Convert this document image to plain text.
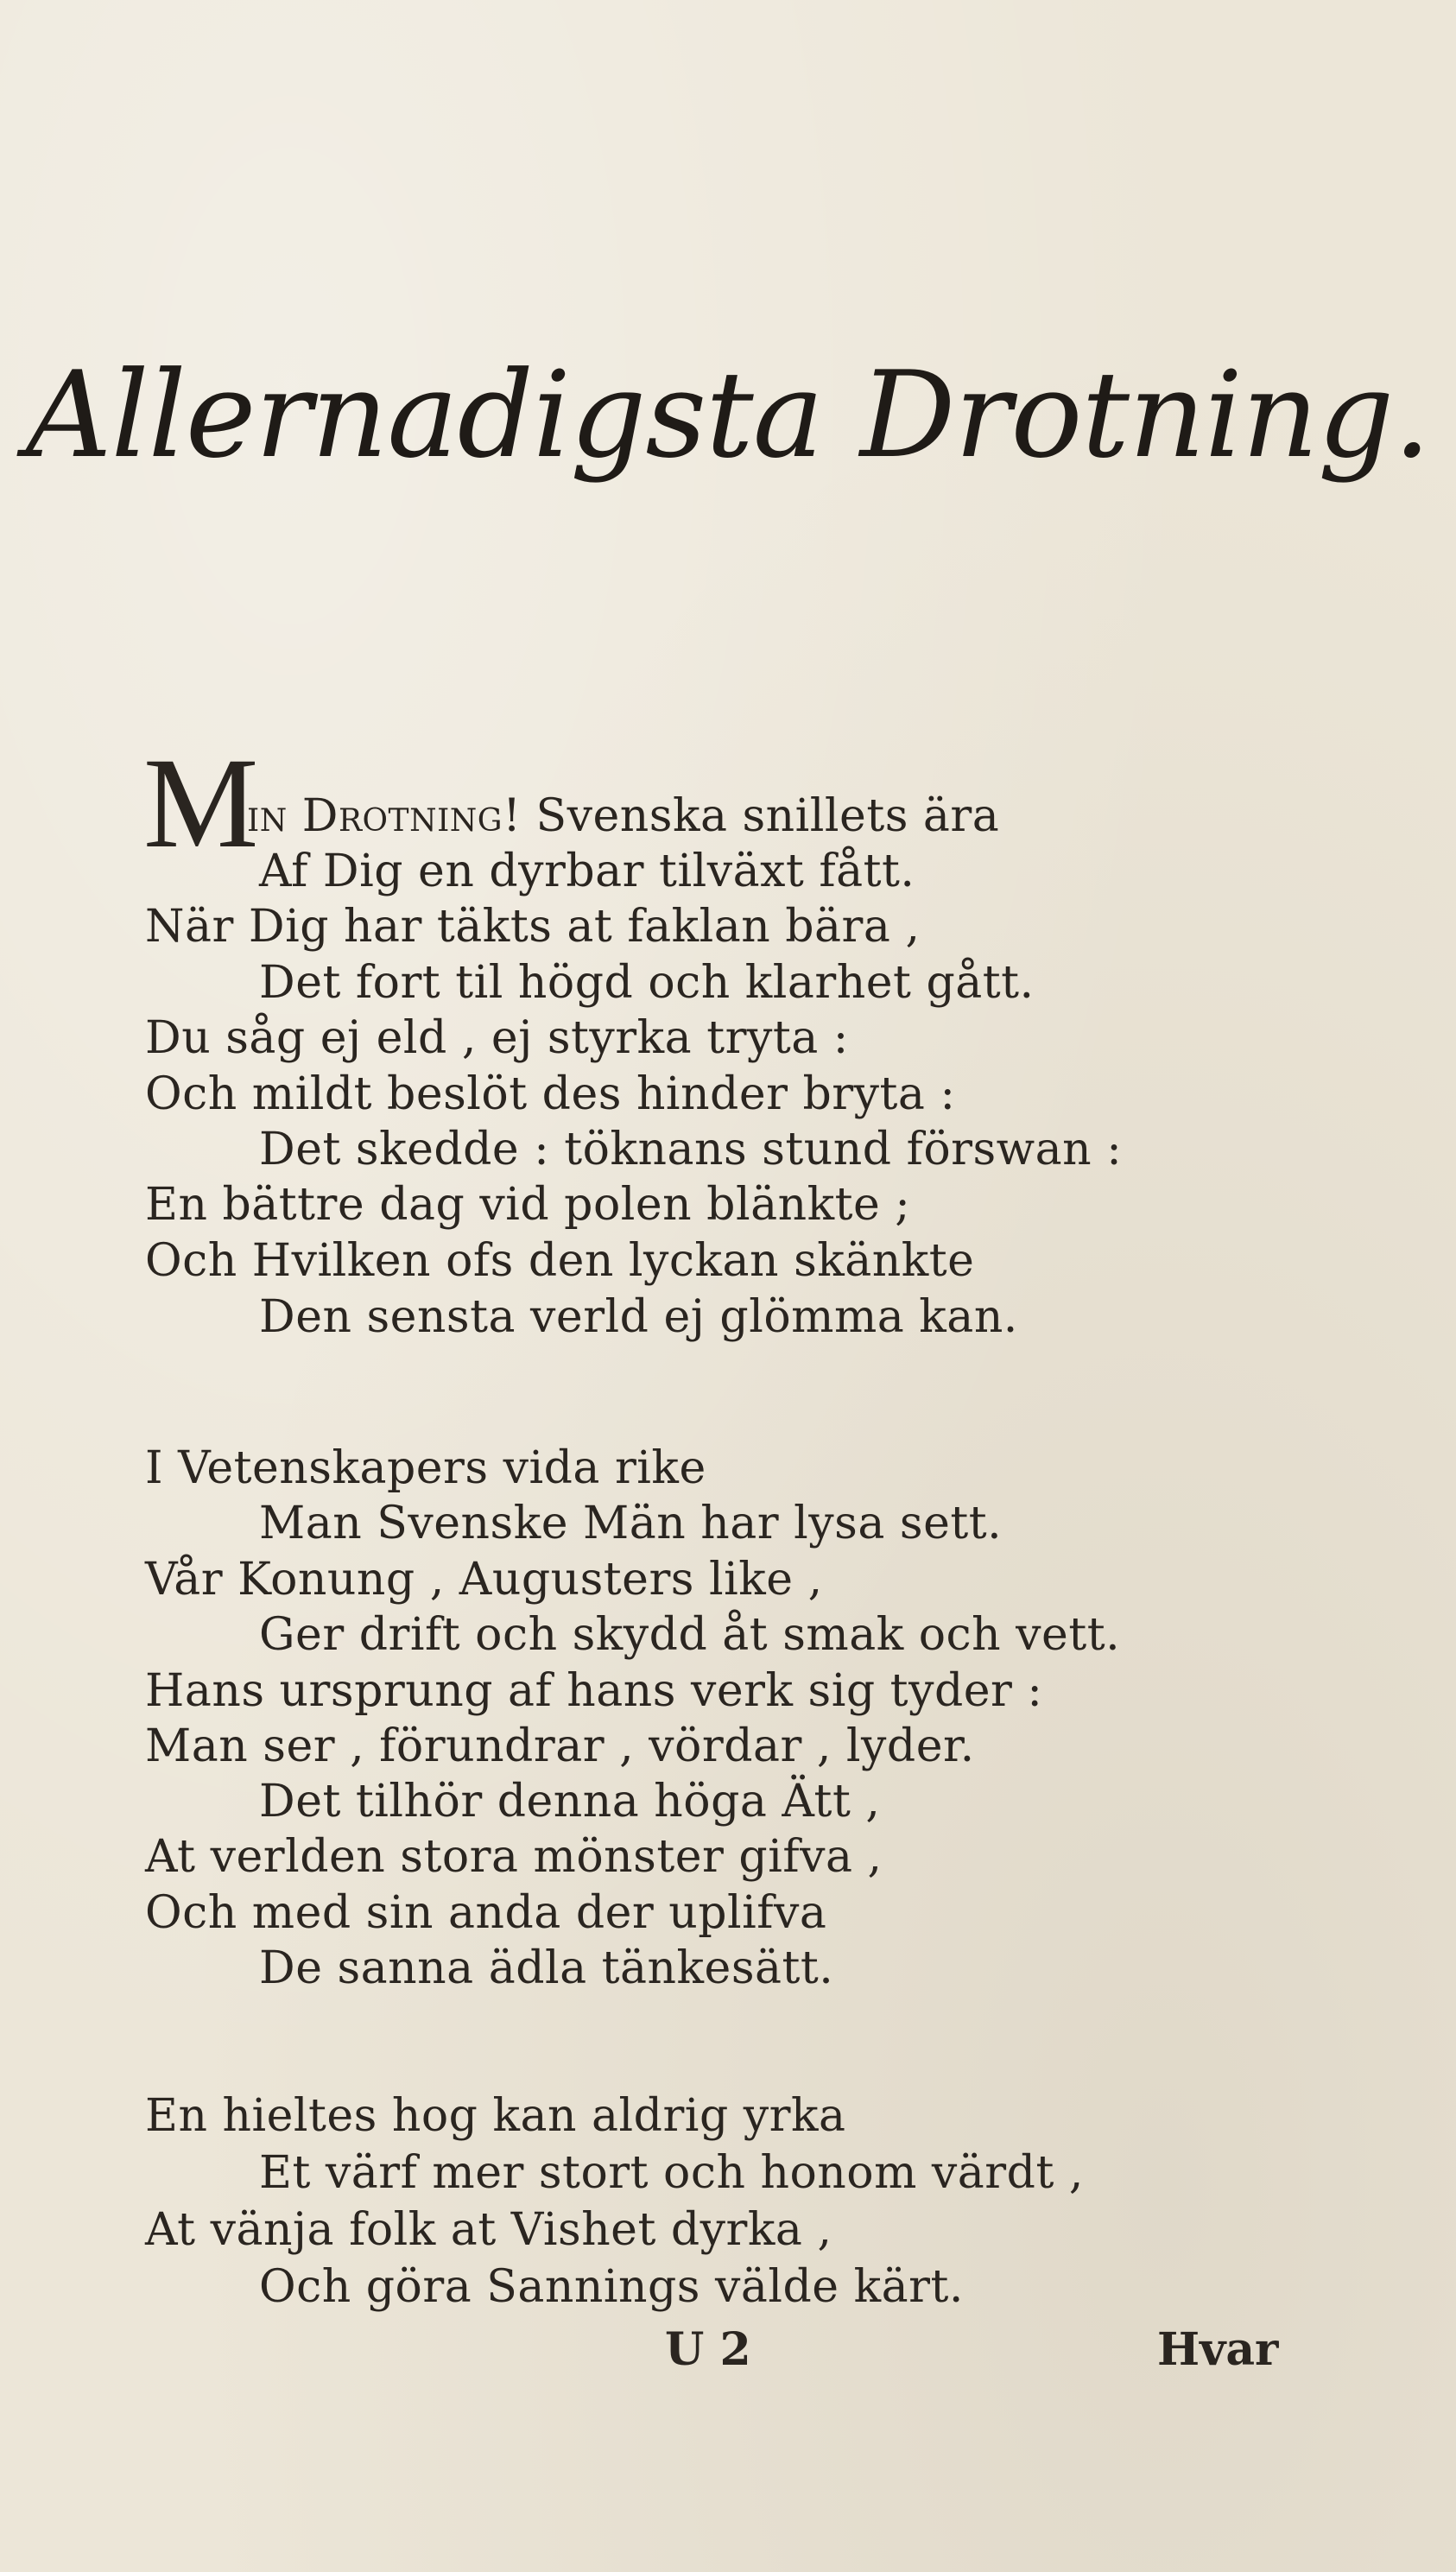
Allernadigsta Drotning.
M
in Drotning! Svenska snillets ära
Af Dig en dyrbar tilväxt fått.
När Dig har täkts at faklan bära ,
Det fort til högd och klarhet gått.
Du såg ej eld , ej styrka tryta :
Och mildt beslöt des hinder bryta :
Det skedde : töknans stund förswan :
En bättre dag vid polen blänkte ;
Och Hvilken ofs den lyckan skänkte
Den sensta verld ej glömma kan.
I Vetenskapers vida rike
Man Svenske Män har lysa sett.
Vår Konung , Augusters like ,
Ger drift och skydd åt smak och vett.
Hans ursprung af hans verk sig tyder :
Man ser , förundrar , vördar , lyder.
Det tilhör denna höga Ätt ,
At verlden stora mönster gifva ,
Och med sin anda der uplifva
De sanna ädla tänkesätt.
En hieltes hog kan aldrig yrka
Et värf mer stort och honom värdt ,
At vänja folk at Vishet dyrka ,
Och göra Sannings välde kärt.
U 2	Hvar
